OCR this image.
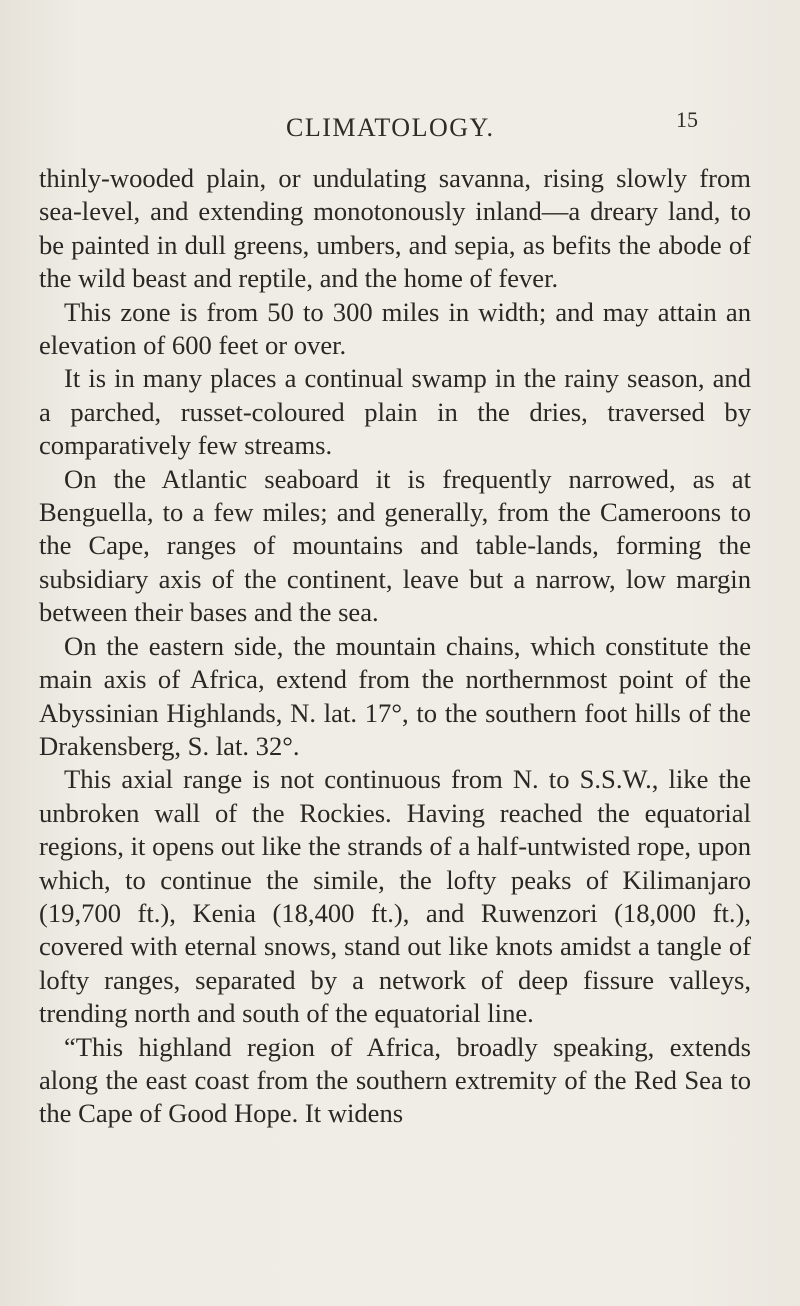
CLIMATOLOGY.	15

thinly-wooded plain, or undulating savanna, rising slowly from sea-level, and extending monotonously inland—a dreary land, to be painted in dull greens, umbers, and sepia, as befits the abode of the wild beast and reptile, and the home of fever.

This zone is from 50 to 300 miles in width; and may attain an elevation of 600 feet or over.

It is in many places a continual swamp in the rainy season, and a parched, russet-coloured plain in the dries, traversed by comparatively few streams.

On the Atlantic seaboard it is frequently narrowed, as at Benguella, to a few miles; and generally, from the Cameroons to the Cape, ranges of mountains and table-lands, forming the subsidiary axis of the continent, leave but a narrow, low margin between their bases and the sea.

On the eastern side, the mountain chains, which constitute the main axis of Africa, extend from the northernmost point of the Abyssinian Highlands, N. lat. 17°, to the southern foot hills of the Drakensberg, S. lat. 32°.

This axial range is not continuous from N. to S.S.W., like the unbroken wall of the Rockies. Having reached the equatorial regions, it opens out like the strands of a half-untwisted rope, upon which, to continue the simile, the lofty peaks of Kilimanjaro (19,700 ft.), Kenia (18,400 ft.), and Ruwenzori (18,000 ft.), covered with eternal snows, stand out like knots amidst a tangle of lofty ranges, separated by a network of deep fissure valleys, trending north and south of the equatorial line.

“This highland region of Africa, broadly speaking, extends along the east coast from the southern extremity of the Red Sea to the Cape of Good Hope. It widens
